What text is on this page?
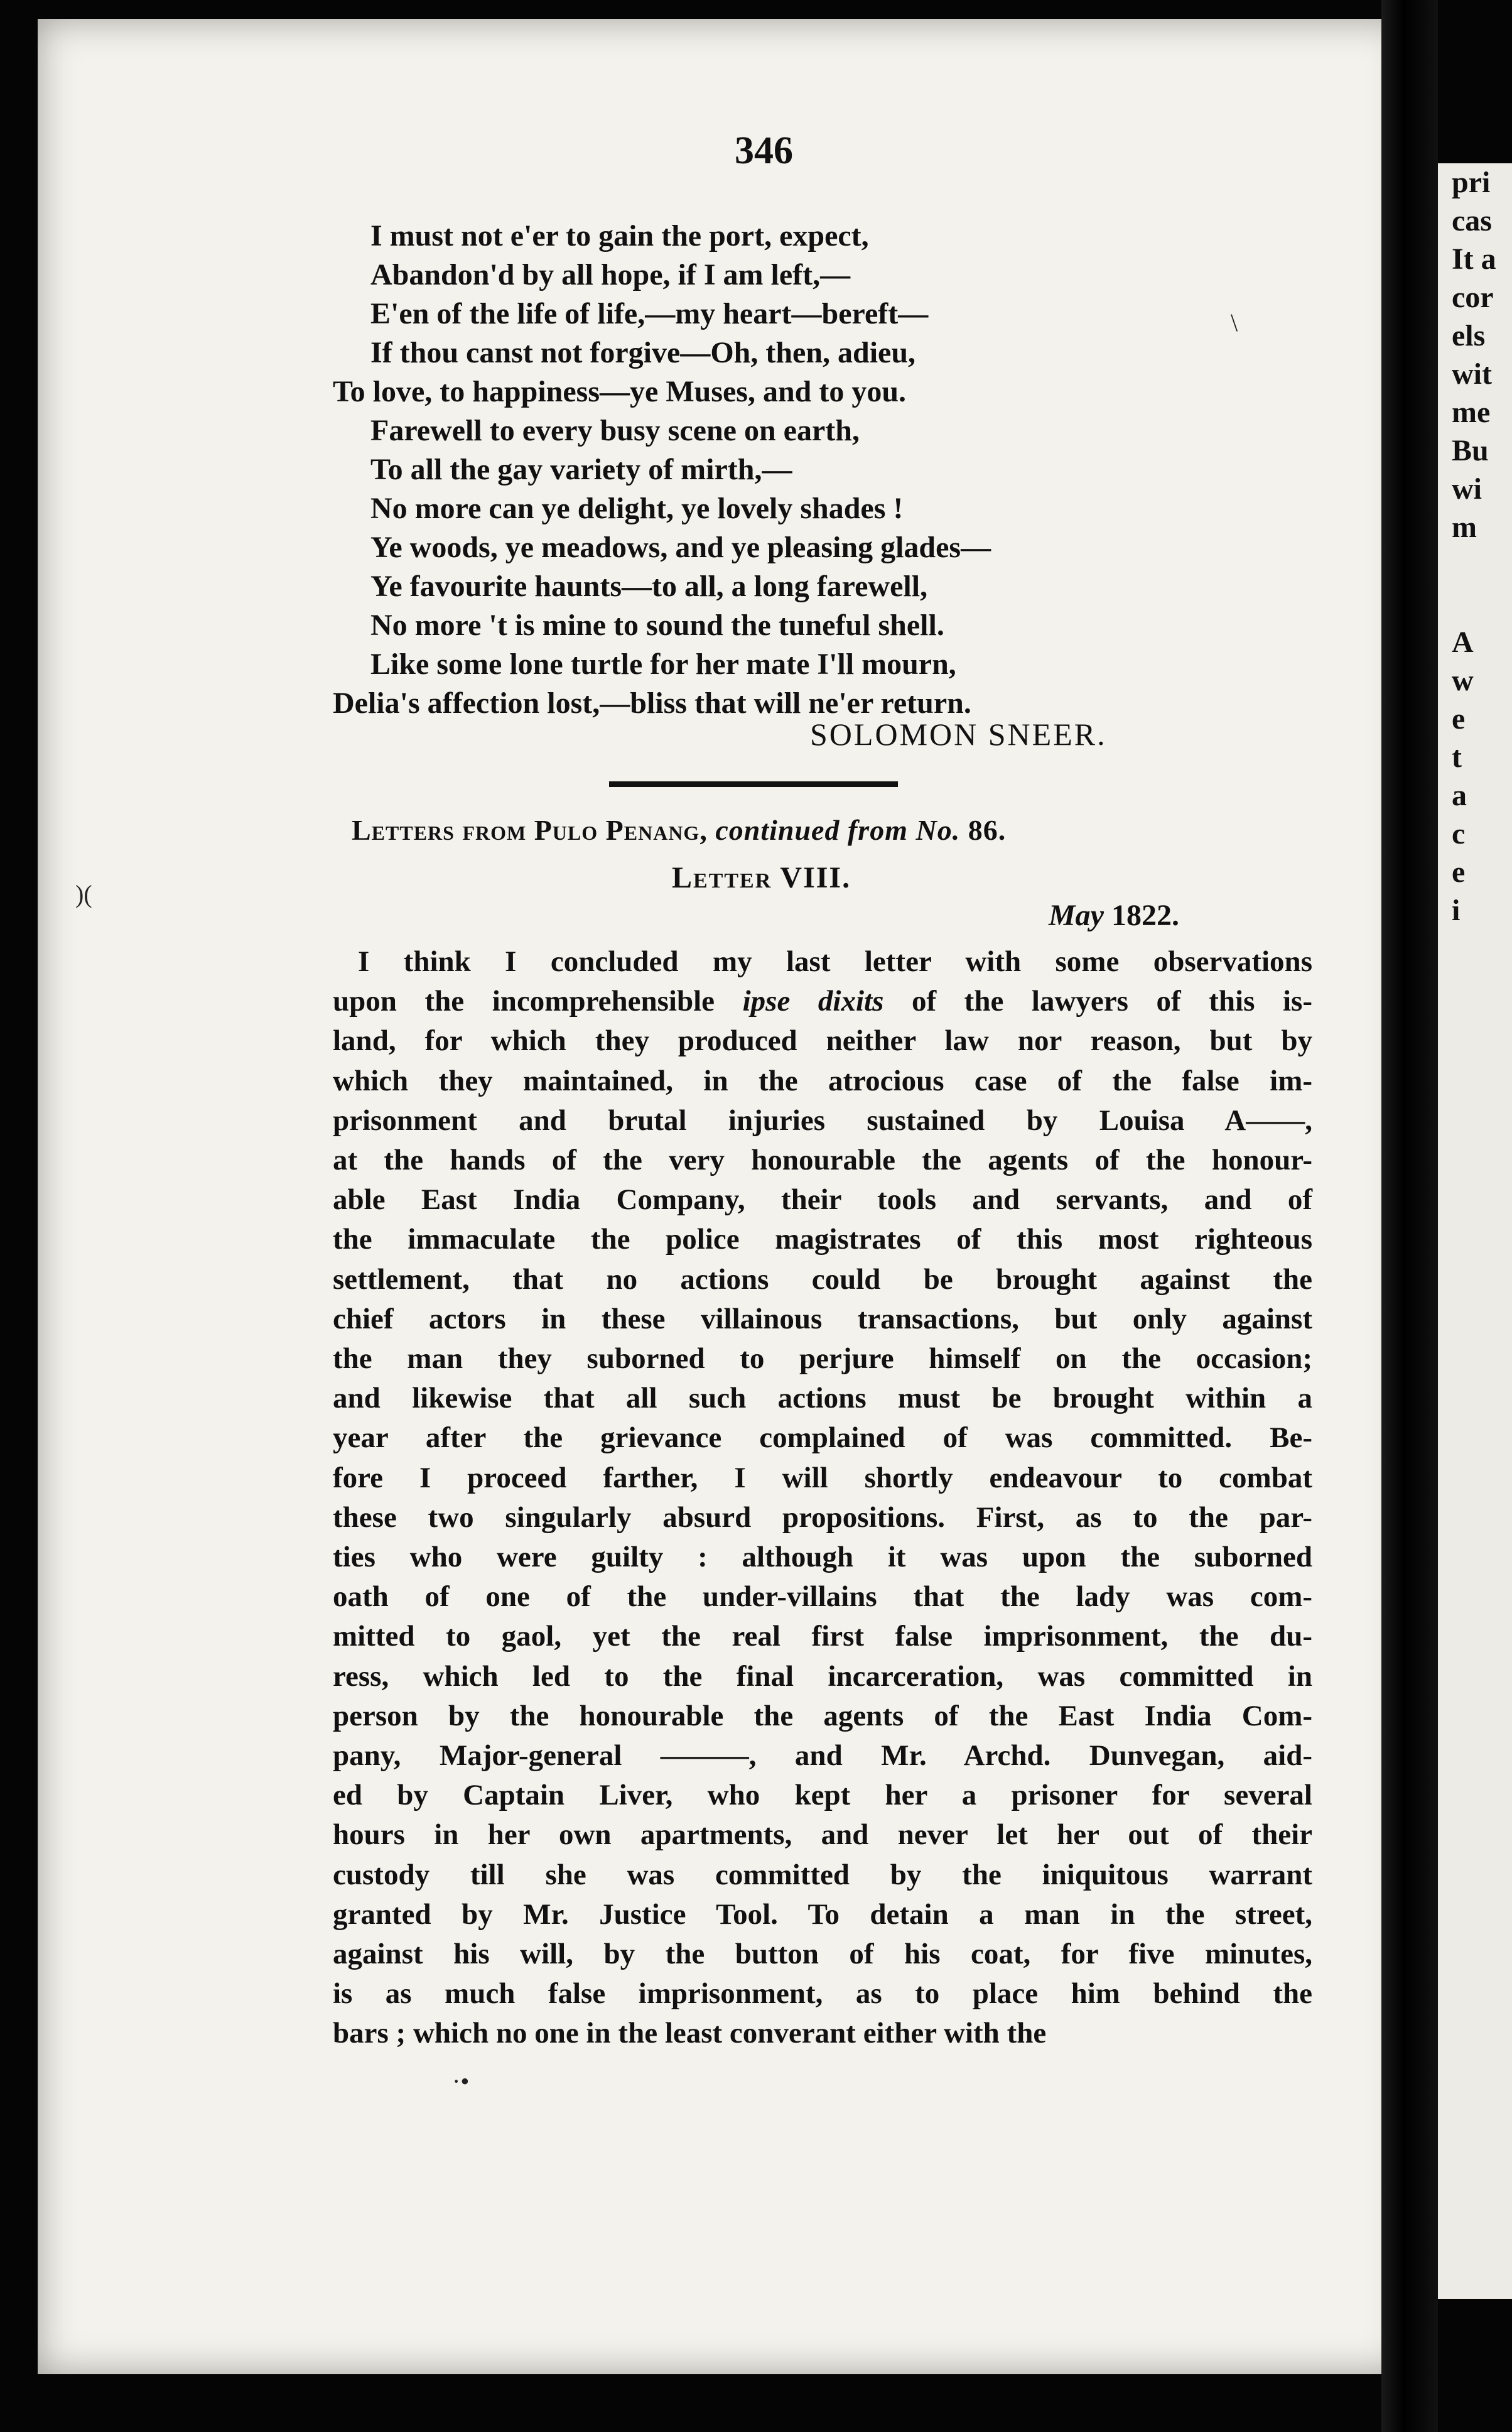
pri
cas
It a
cor
els
wit
me
Bu
wi
m

A
w
e
t
a
c
e
i
346
I must not e'er to gain the port, expect,
Abandon'd by all hope, if I am left,—
E'en of the life of life,—my heart—bereft—
If thou canst not forgive—Oh, then, adieu,
To love, to happiness—ye Muses, and to you.
Farewell to every busy scene on earth,
To all the gay variety of mirth,—
No more can ye delight, ye lovely shades !
Ye woods, ye meadows, and ye pleasing glades—
Ye favourite haunts—to all, a long farewell,
No more 't is mine to sound the tuneful shell.
Like some lone turtle for her mate I'll mourn,
Delia's affection lost,—bliss that will ne'er return.
SOLOMON SNEER.
Letters from Pulo Penang, continued from No. 86.
Letter VIII.
May 1822.
I think I concluded my last letter with some observations
upon the incomprehensible ipse dixits of the lawyers of this is-
land, for which they produced neither law nor reason, but by
which they maintained, in the atrocious case of the false im-
prisonment and brutal injuries sustained by Louisa A——,
at the hands of the very honourable the agents of the honour-
able East India Company, their tools and servants, and of
the immaculate the police magistrates of this most righteous
settlement, that no actions could be brought against the
chief actors in these villainous transactions, but only against
the man they suborned to perjure himself on the occasion;
and likewise that all such actions must be brought within a
year after the grievance complained of was committed. Be-
fore I proceed farther, I will shortly endeavour to combat
these two singularly absurd propositions. First, as to the par-
ties who were guilty : although it was upon the suborned
oath of one of the under-villains that the lady was com-
mitted to gaol, yet the real first false imprisonment, the du-
ress, which led to the final incarceration, was committed in
person by the honourable the agents of the East India Com-
pany, Major-general ———, and Mr. Archd. Dunvegan, aid-
ed by Captain Liver, who kept her a prisoner for several
hours in her own apartments, and never let her out of their
custody till she was committed by the iniquitous warrant
granted by Mr. Justice Tool. To detain a man in the street,
against his will, by the button of his coat, for five minutes,
is as much false imprisonment, as to place him behind the
bars ; which no one in the least converant either with the
\
)(
·•
